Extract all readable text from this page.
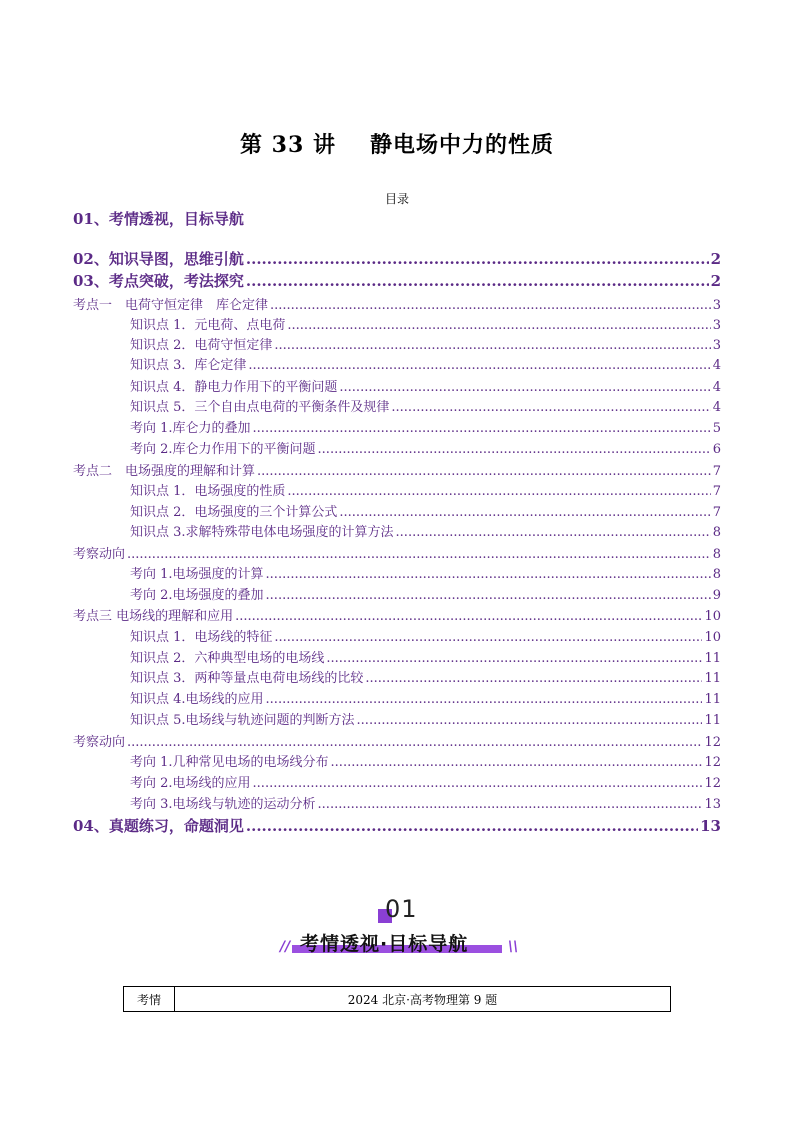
第 33 讲 静电场中力的性质
目录
01、考情透视，目标导航
02、知识导图，思维引航 .....	2
03、考点突破，考法探究 .....	2
考点一　电荷守恒定律　库仑定律 .....	3
知识点 1．元电荷、点电荷 .....	3
知识点 2．电荷守恒定律 .....	3
知识点 3．库仑定律 .....	4
知识点 4．静电力作用下的平衡问题 .....	4
知识点 5．三个自由点电荷的平衡条件及规律 .....	4
考向 1.库仑力的叠加 .....	5
考向 2.库仑力作用下的平衡问题 .....	6
考点二　电场强度的理解和计算 .....	7
知识点 1．电场强度的性质 .....	7
知识点 2．电场强度的三个计算公式 .....	7
知识点 3.求解特殊带电体电场强度的计算方法 .....	8
考察动向 .....	8
考向 1.电场强度的计算 .....	8
考向 2.电场强度的叠加 .....	9
考点三 电场线的理解和应用 .....	10
知识点 1．电场线的特征 .....	10
知识点 2．六种典型电场的电场线 .....	11
知识点 3．两种等量点电荷电场线的比较 .....	11
知识点 4.电场线的应用 .....	11
知识点 5.电场线与轨迹问题的判断方法 .....	11
考察动向 .....	12
考向 1.几种常见电场的电场线分布 .....	12
考向 2.电场线的应用 .....	12
考向 3.电场线与轨迹的运动分析 .....	13
04、真题练习，命题洞见 .....	13
01
// 考情透视·目标导航	\\
考情	2024 北京·高考物理第 9 题
